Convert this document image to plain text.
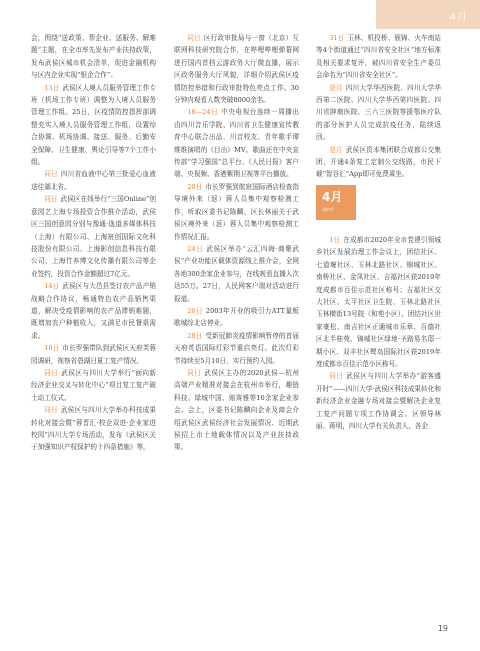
4月

会，围绕“送政策、帮企业、送服务、解难题”主题，在全市率先发布产业扶持政策，发布武侯区城市机会清单，促进金融机构与区内企业实现“银企合作”。

13日 武侯区人境人员服务管理工作专班（机场工作专班）调整为入境人员服务管理工作组。25日，区疫情防控指挥部调整充实入境人员服务管理工作组，设置综合协调、机场协调、接送、服务、后勤安全保障、卫生健康、舆论引导等7个工作小组。

同日 四川省血液中心第三批爱心血液送往湖北省。

同日 武侯区在线举行“三国Online”创意园艺上海专场投资合作推介活动，武侯区三国创意园分别与豫通·逸道多媒体科技（上海）有限公司、上海宸创国际文化科技股份有限公司、上海影创信息科技有限公司、上海竹养博文化传播有限公司等企业签约，投资合作金额超过7亿元。

14日 武侯区与大邑县签订农产品产销战略合作协议，畅通特色农产品销售渠道，解决受疫情影响的农产品滞销难题，既增加农户种植收入，又满足市民餐桌需求。

18日 市长罗强带队到武侯区天府芙蓉园调研，视察省碧湖日夏工复产情况。

同日 武侯区与四川大学举行“面向新经济企业交叉与转化中心”项目复工复产破土动工仪式。

同日 武侯区与四川大学举办科技成果转化对接会暨“蓉晋汇·校企双进·企业家进校园”四川大学专场活动，发布《武侯区关于加强知识产权保护的十四条措施》等。

同日 区行政审批局与一窗（北京）互联网科技研究院合作，在哔哩哔哩弹幕网进行国内首档云游政务大厅微直播，展示区政务服务大厅风貌，详细介绍武侯区疫情防控举措和行政审批特色亮点工作。30分钟内观看人数突破8000余名。

18—24日 中央电视台连续一周播出由四川音乐学院、四川省卫生健康宣传教育中心联合出品、川音校友、青年歌手谭维维演唱的《目出》MV。歌曲还在中央宣传部“学习强国”总平台、《人民日报》客户端、央视频、香港紫荆卫视等平台播放。

20日 市长罗强到航宸国际酒店检查指导境外来（返）蓉人员集中观察检测工作，听取区委书记陈麟、区长林丽关于武侯区境外来（返）蓉人员集中观察检测工作情况汇报。

24日 武侯区举办“云汇四海·商聚武侯”产业功能区载体资源线上推介会，全网各地300余家企业参与，在线观看直播人次达55万。27日，人民网客户端对活动进行报道。

26日 2003年开业的吸引力ATT量贩歌城综北店停业。

28日 受新冠肺炎疫情影响暂停的首届天府英语国际灯彩节重启亮灯。此次灯彩节持续至5月10日，实行预约入园。

同日 武侯区主办的2020武侯—杭州高端产业精准对接会在杭州市举行，趣链科技、绿城中国、赔赛雅等10余家企业参会。会上，区委书记陈麟向企业及商会介绍武侯区武侯经济社会发展情况、近期武侯招上市土地载体情况以及产业扶持政策。

31日 玉林、机投桥、簇锦、火车南站等4个街道通过“四川省安全社区”地方标准及相关要求复评，被四川省安全生产委员会命名为“四川省安全社区”。

是月 四川大学华西医院、四川大学华西第二医院、四川大学华西第四医院、四川省肿瘤医院、三六三医院等援鄂医疗队的部分医护人员完成抗疫任务，陆续返回。

是月 武侯区资本集团联合成都公交集团，开通4条复工定制公交线路，市民下载“智谷汇”App即可免费乘坐。

4月
April

1日 在成都市2020年全市党建引领城乡社区发展治理工作会议上，团结社区、七道堰社区、玉林北路社区、锦城社区、南桥社区、金凤社区、吉福社区获2019年度成都市百佳示范社区称号；吉福社区交大社区、太平社区卫生院、玉林北路社区玉林横街13号院（和苑小区）、团结社区世家豪松、南吉社区正通城市乐章、百德社区北半桂苑、锦城社区绿地·圣路易名邸一期小区、双丰社区鹭岛国际社区获2019年度成都市百佳示范小区称号。

同日 武侯区与四川大学举办“游客盛开时”——四川大学·武侯区科技成果转化和新经济企业金融专场对接会暨解决企业复工复产问题专项工作协调会。区领导林丽、蒋明，四川大学有关负责人，各企

19
